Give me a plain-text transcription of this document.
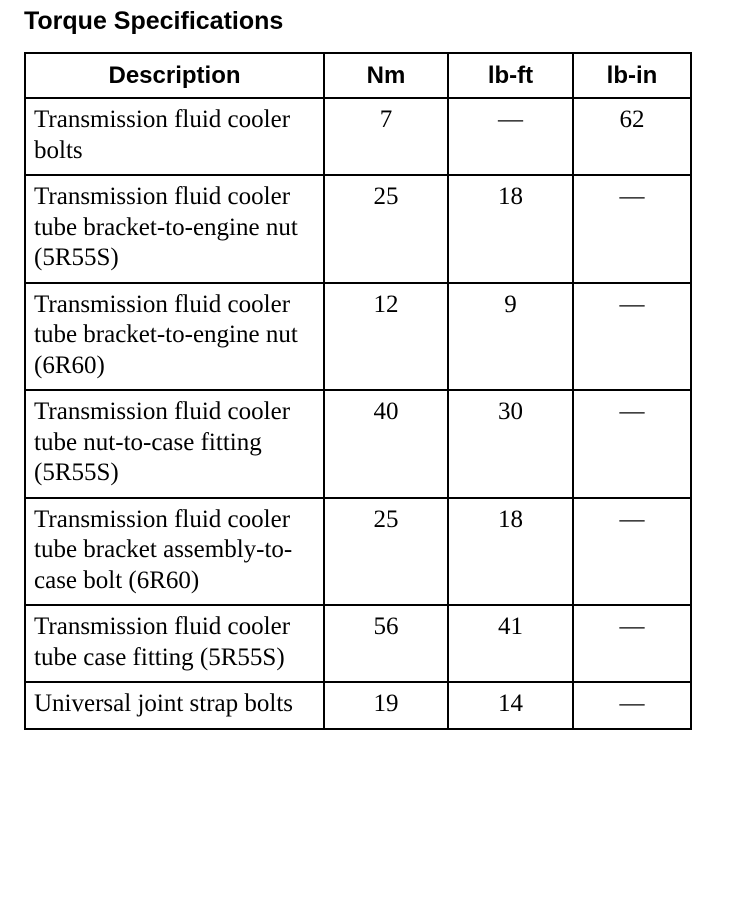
Torque Specifications
Description	Nm	lb-ft	lb-in
Transmission fluid cooler bolts	7	—	62
Transmission fluid cooler tube bracket-to-engine nut (5R55S)	25	18	—
Transmission fluid cooler tube bracket-to-engine nut (6R60)	12	9	—
Transmission fluid cooler tube nut-to-case fitting (5R55S)	40	30	—
Transmission fluid cooler tube bracket assembly-to-case bolt (6R60)	25	18	—
Transmission fluid cooler tube case fitting (5R55S)	56	41	—
Universal joint strap bolts	19	14	—
